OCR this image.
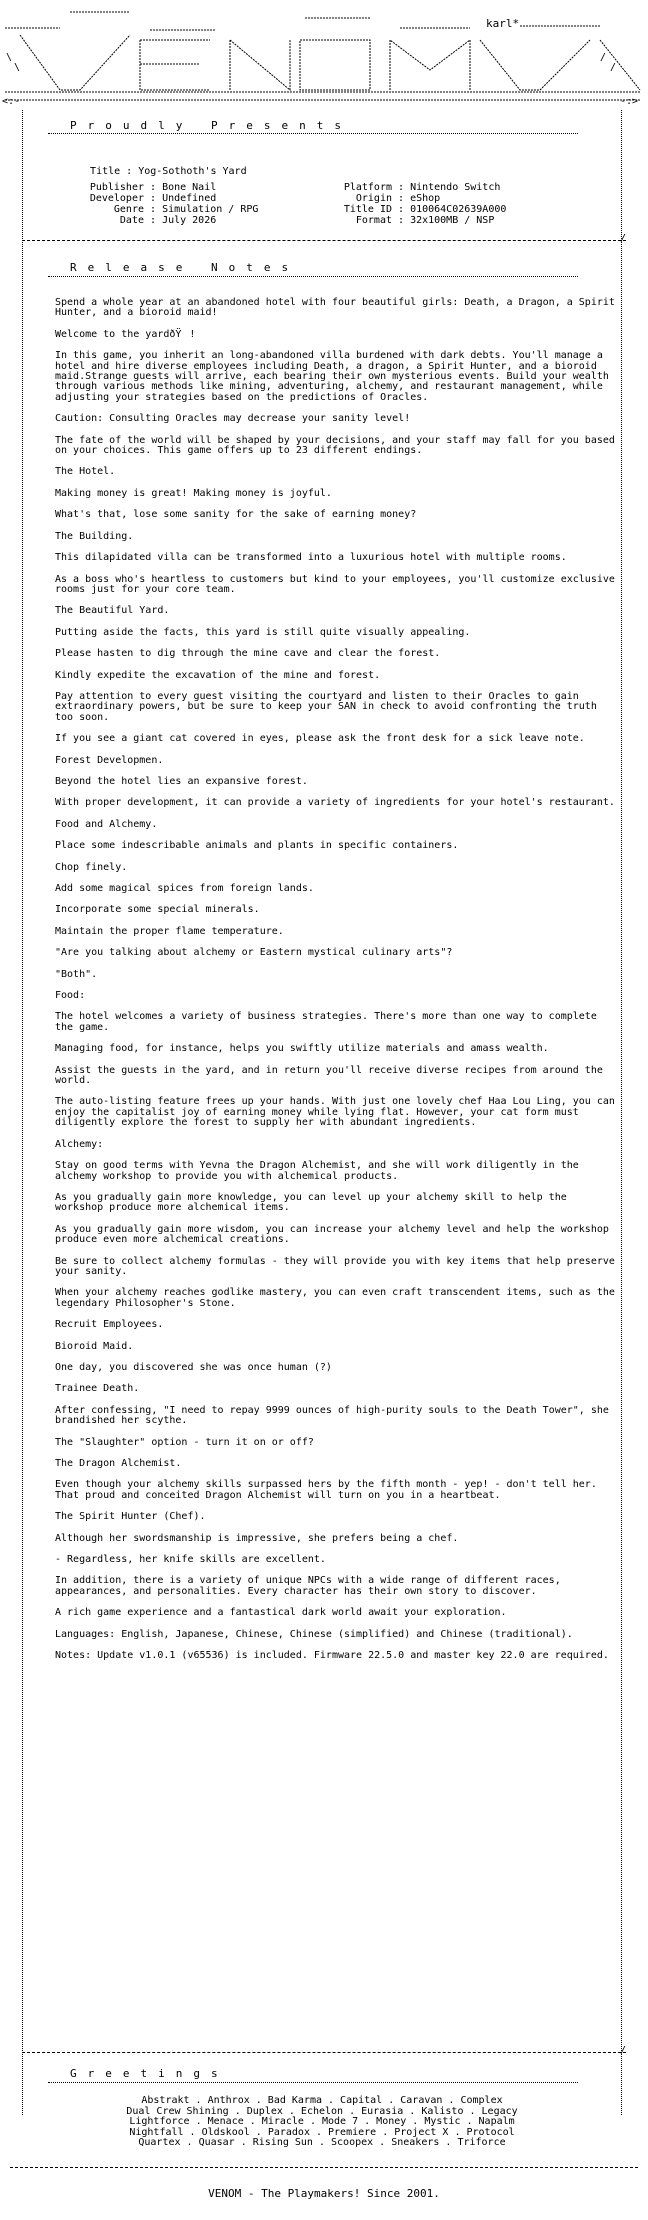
\
\
/
/
<:-	-:>
karl*
Proudly Presents

Title : Yog-Sothoth's Yard

Publisher : Bone Nail
Developer : Undefined
Genre : Simulation / RPG
Date : July 2026
Platform : Nintendo Switch
Origin : eShop
Title ID : 010064C02639A000
Format : 32x100MB / NSP
/
Release Notes

Spend a whole year at an abandoned hotel with four beautiful girls: Death, a Dragon, a Spirit Hunter, and a bioroid maid!

Welcome to the yardðŸ!

In this game, you inherit an long-abandoned villa burdened with dark debts. You'll manage a hotel and hire diverse employees including Death, a dragon, a Spirit Hunter, and a bioroid maid.Strange guests will arrive, each bearing their own mysterious events. Build your wealth through various methods like mining, adventuring, alchemy, and restaurant management, while adjusting your strategies based on the predictions of Oracles.

Caution: Consulting Oracles may decrease your sanity level!

The fate of the world will be shaped by your decisions, and your staff may fall for you based on your choices. This game offers up to 23 different endings.

The Hotel.

Making money is great! Making money is joyful.

What's that, lose some sanity for the sake of earning money?

The Building.

This dilapidated villa can be transformed into a luxurious hotel with multiple rooms.

As a boss who's heartless to customers but kind to your employees, you'll customize exclusive rooms just for your core team.

The Beautiful Yard.

Putting aside the facts, this yard is still quite visually appealing.

Please hasten to dig through the mine cave and clear the forest.

Kindly expedite the excavation of the mine and forest.

Pay attention to every guest visiting the courtyard and listen to their Oracles to gain extraordinary powers, but be sure to keep your SAN in check to avoid confronting the truth too soon.

If you see a giant cat covered in eyes, please ask the front desk for a sick leave note.

Forest Developmen.

Beyond the hotel lies an expansive forest.

With proper development, it can provide a variety of ingredients for your hotel's restaurant.

Food and Alchemy.

Place some indescribable animals and plants in specific containers.

Chop finely.

Add some magical spices from foreign lands.

Incorporate some special minerals.

Maintain the proper flame temperature.

"Are you talking about alchemy or Eastern mystical culinary arts"?

"Both".

Food:

The hotel welcomes a variety of business strategies. There's more than one way to complete the game.

Managing food, for instance, helps you swiftly utilize materials and amass wealth.

Assist the guests in the yard, and in return you'll receive diverse recipes from around the world.

The auto-listing feature frees up your hands. With just one lovely chef Haa Lou Ling, you can enjoy the capitalist joy of earning money while lying flat. However, your cat form must diligently explore the forest to supply her with abundant ingredients.

Alchemy:

Stay on good terms with Yevna the Dragon Alchemist, and she will work diligently in the alchemy workshop to provide you with alchemical products.

As you gradually gain more knowledge, you can level up your alchemy skill to help the workshop produce more alchemical items.

As you gradually gain more wisdom, you can increase your alchemy level and help the workshop produce even more alchemical creations.

Be sure to collect alchemy formulas - they will provide you with key items that help preserve your sanity.

When your alchemy reaches godlike mastery, you can even craft transcendent items, such as the legendary Philosopher's Stone.

Recruit Employees.

Bioroid Maid.

One day, you discovered she was once human (?)

Trainee Death.

After confessing, "I need to repay 9999 ounces of high-purity souls to the Death Tower", she brandished her scythe.

The "Slaughter" option - turn it on or off?

The Dragon Alchemist.

Even though your alchemy skills surpassed hers by the fifth month - yep! - don't tell her. That proud and conceited Dragon Alchemist will turn on you in a heartbeat.

The Spirit Hunter (Chef).

Although her swordsmanship is impressive, she prefers being a chef.

- Regardless, her knife skills are excellent.

In addition, there is a variety of unique NPCs with a wide range of different races, appearances, and personalities. Every character has their own story to discover.

A rich game experience and a fantastical dark world await your exploration.

Languages: English, Japanese, Chinese, Chinese (simplified) and Chinese (traditional).

Notes: Update v1.0.1 (v65536) is included. Firmware 22.5.0 and master key 22.0 are required.

/
Greetings
Abstrakt . Anthrox . Bad Karma . Capital . Caravan . Complex
Dual Crew Shining . Duplex . Echelon . Eurasia . Kalisto . Legacy
Lightforce . Menace . Miracle . Mode 7 . Money . Mystic . Napalm
Nightfall . Oldskool . Paradox . Premiere . Project X . Protocol
Quartex . Quasar . Rising Sun . Scoopex . Sneakers . Triforce
VENOM - The Playmakers! Since 2001.
